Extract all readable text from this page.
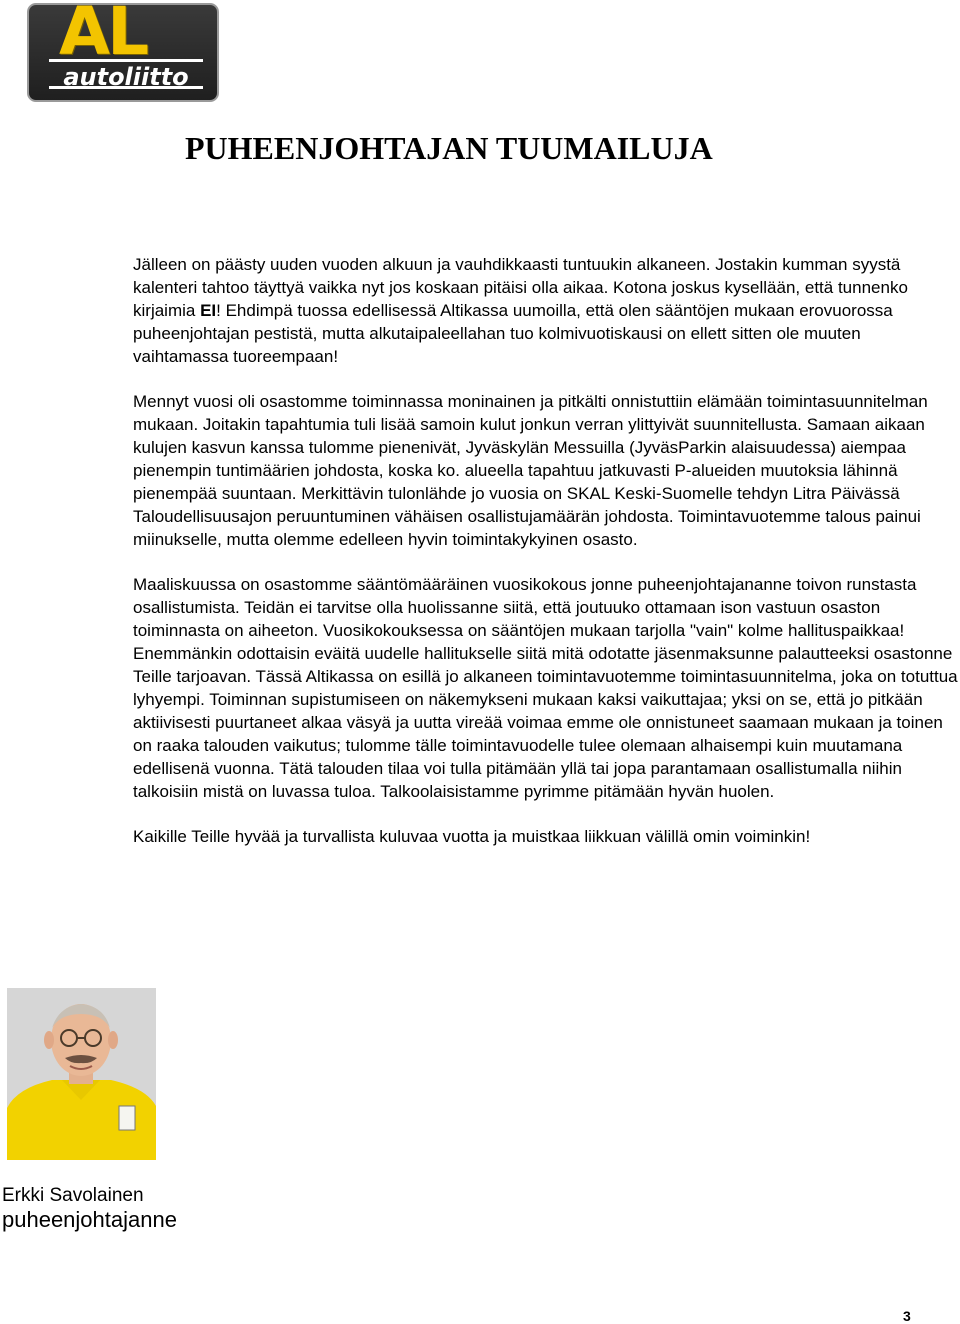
AL
autoliitto
PUHEENJOHTAJAN TUUMAILUJA

Jälleen on päästy uuden vuoden alkuun ja vauhdikkaasti tuntuukin alkaneen. Jostakin kumman syystä kalenteri tahtoo täyttyä vaikka nyt jos koskaan pitäisi olla aikaa. Kotona joskus kysellään, että tunnenko kirjaimia EI! Ehdimpä tuossa edellisessä Altikassa uumoilla, että olen sääntöjen mukaan erovuorossa puheenjohtajan pestistä, mutta alkutaipaleellahan tuo kolmivuotiskausi on ellett sitten ole muuten vaihtamassa tuoreempaan!

Mennyt vuosi oli osastomme toiminnassa moninainen ja pitkälti onnistuttiin elämään toimintasuunnitelman mukaan. Joitakin tapahtumia tuli lisää samoin kulut jonkun verran ylittyivät suunnitellusta. Samaan aikaan kulujen kasvun kanssa tulomme pienenivät, Jyväskylän Messuilla (JyväsParkin alaisuudessa) aiempaa pienempin tuntimäärien johdosta, koska ko. alueella tapahtuu jatkuvasti P-alueiden muutoksia lähinnä pienempää suuntaan. Merkittävin tulonlähde jo vuosia on SKAL Keski-Suomelle tehdyn Litra Päivässä Taloudellisuusajon peruuntuminen vähäisen osallistujamäärän johdosta. Toimintavuotemme talous painui miinukselle, mutta olemme edelleen hyvin toimintakykyinen osasto.

Maaliskuussa on osastomme sääntömääräinen vuosikokous jonne puheenjohtajananne toivon runstasta osallistumista. Teidän ei tarvitse olla huolissanne siitä, että joutuuko ottamaan ison vastuun osaston toiminnasta on aiheeton. Vuosikokouksessa on sääntöjen mukaan tarjolla "vain" kolme hallituspaikkaa! Enemmänkin odottaisin eväitä uudelle hallitukselle siitä mitä odotatte jäsenmaksunne palautteeksi osastonne Teille tarjoavan. Tässä Altikassa on esillä jo alkaneen toimintavuotemme toimintasuunnitelma, joka on totuttua lyhyempi. Toiminnan supistumiseen on näkemykseni mukaan kaksi vaikuttajaa; yksi on se, että jo pitkään aktiivisesti puurtaneet alkaa väsyä ja uutta vireää voimaa emme ole onnistuneet saamaan mukaan ja toinen on raaka talouden vaikutus; tulomme tälle toimintavuodelle tulee olemaan alhaisempi kuin muutamana edellisenä vuonna. Tätä talouden tilaa voi tulla pitämään yllä tai jopa parantamaan osallistumalla niihin talkoisiin mistä on luvassa tuloa. Talkoolaisistamme pyrimme pitämään hyvän huolen.

Kaikille Teille hyvää ja turvallista kuluvaa vuotta ja muistkaa liikkuan välillä omin voiminkin!

Erkki Savolainen
puheenjohtajanne
3
